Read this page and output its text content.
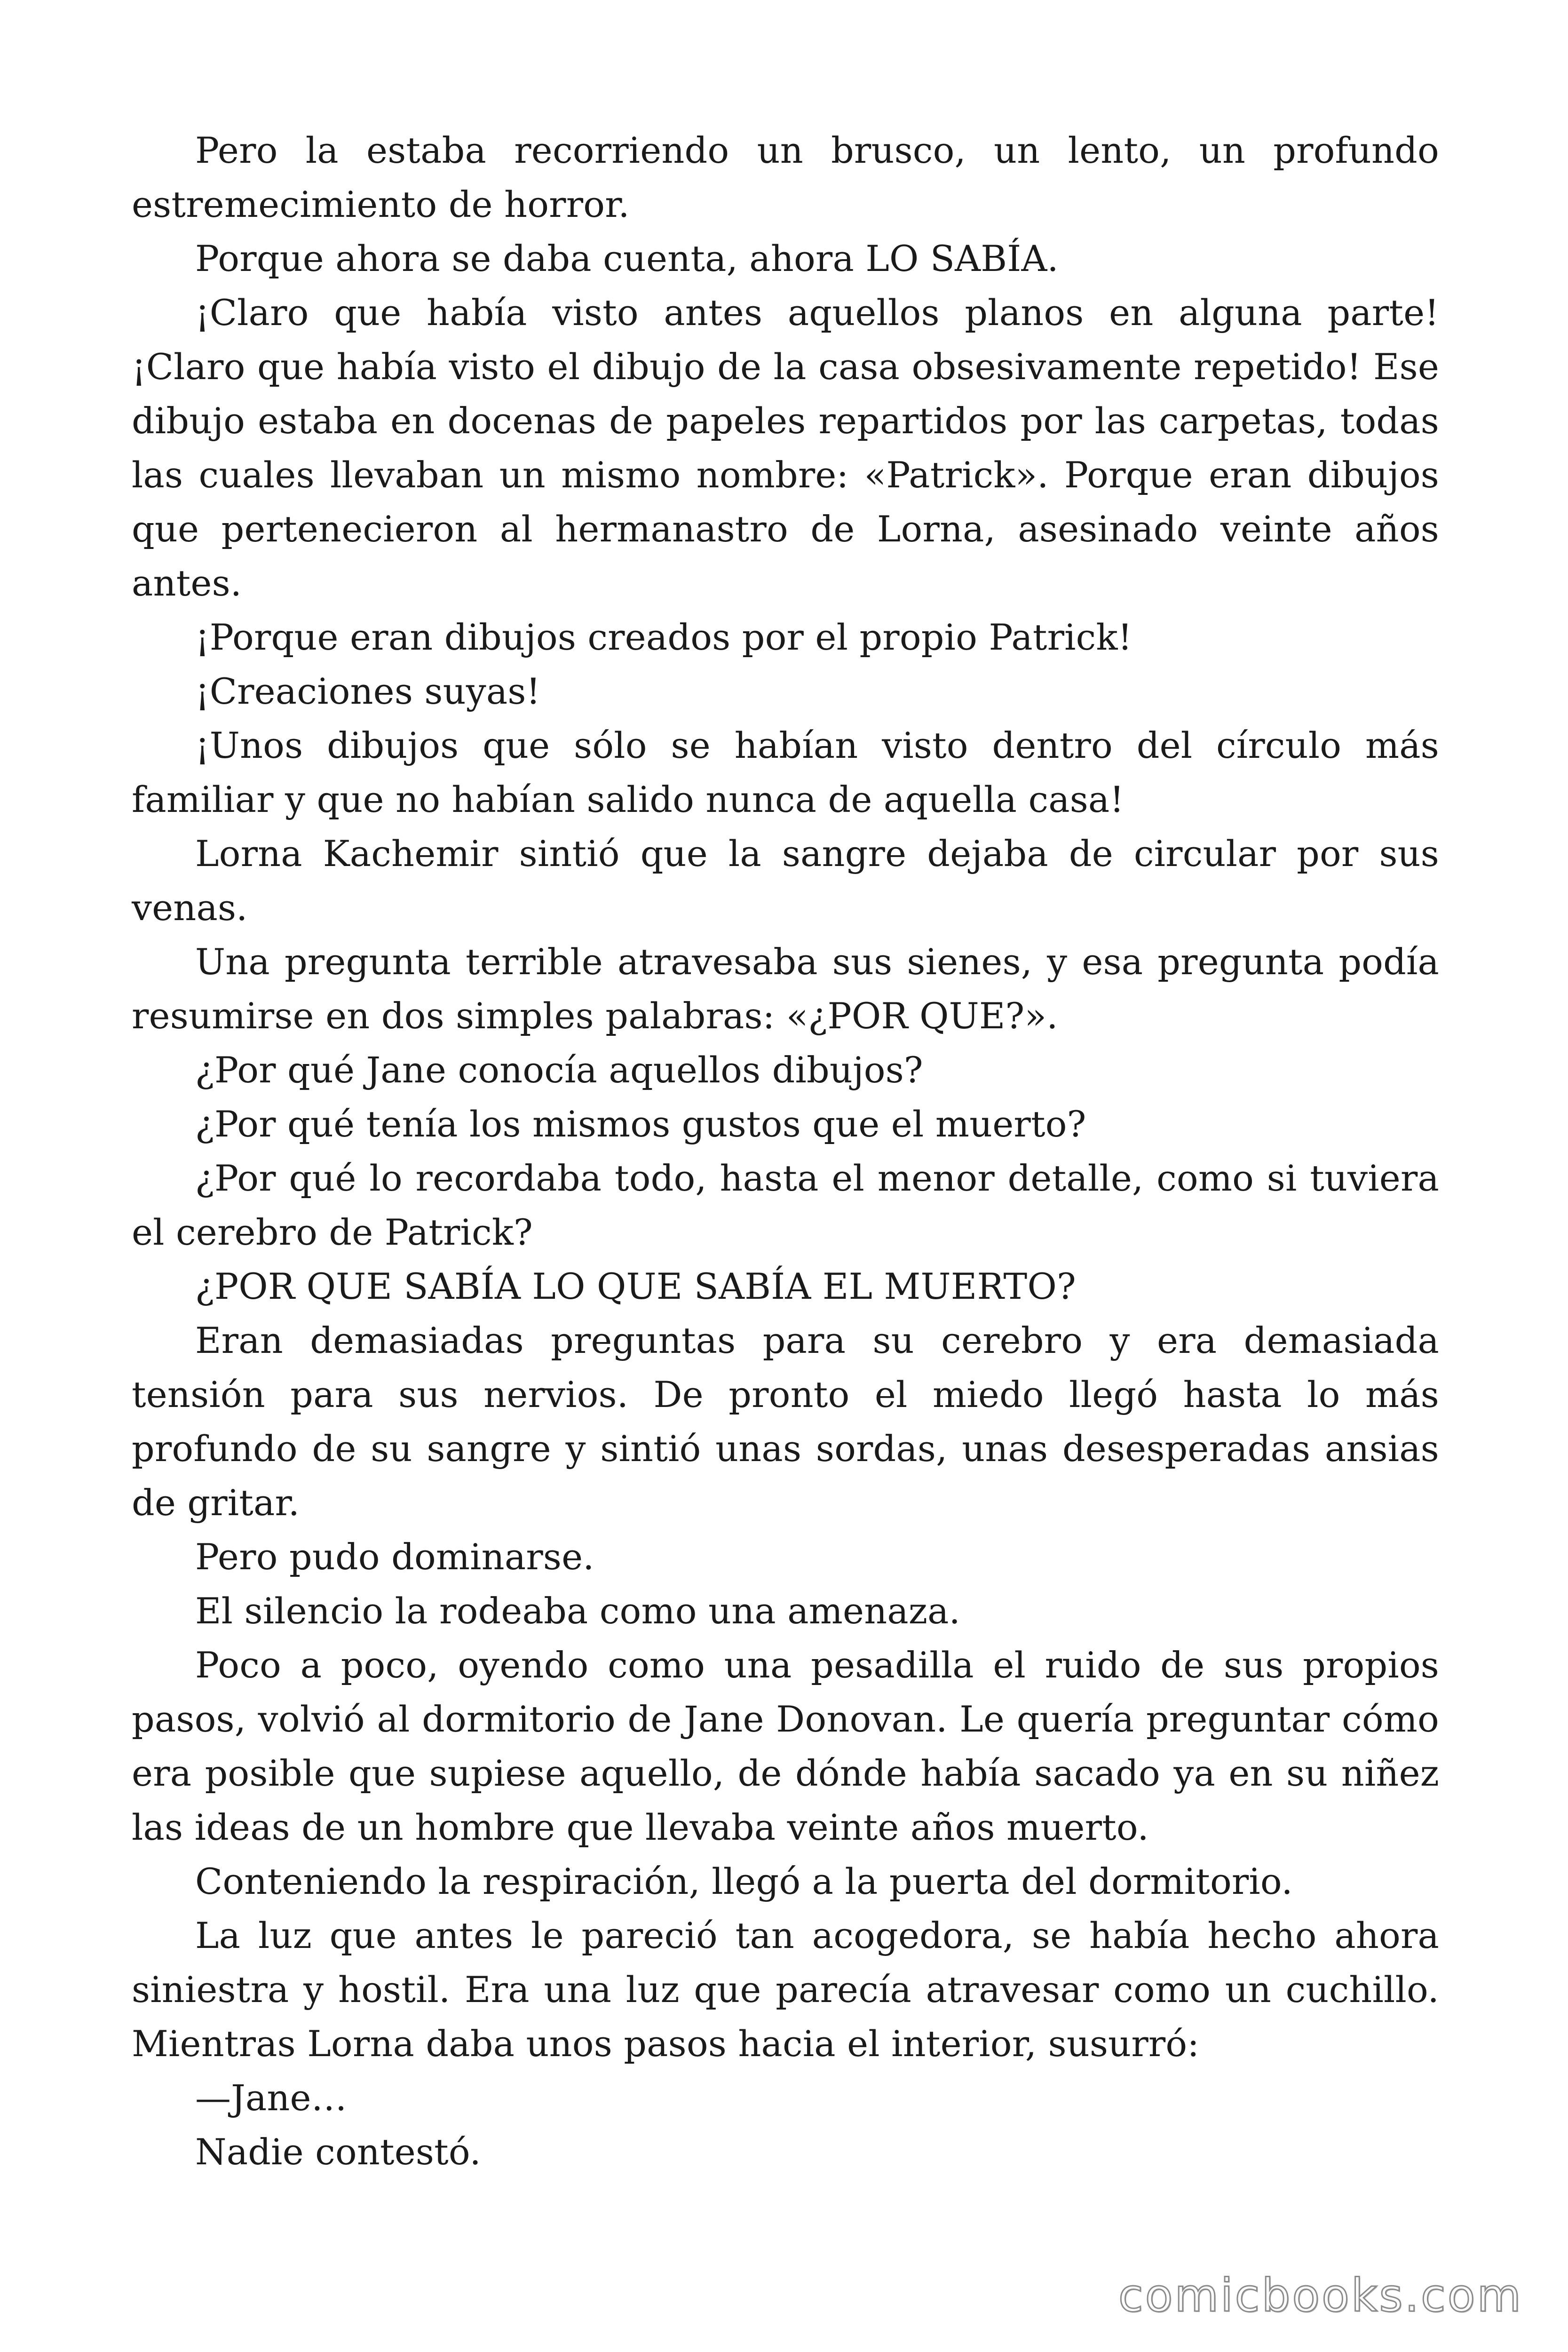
Pero la estaba recorriendo un brusco, un lento, un profundo estremecimiento de horror.

Porque ahora se daba cuenta, ahora LO SABÍA.

¡Claro que había visto antes aquellos planos en alguna parte! ¡Claro que había visto el dibujo de la casa obsesivamente repetido! Ese dibujo estaba en docenas de papeles repartidos por las carpetas, todas las cuales llevaban un mismo nombre: «Patrick». Porque eran dibujos que pertenecieron al hermanastro de Lorna, asesinado veinte años antes.

¡Porque eran dibujos creados por el propio Patrick!

¡Creaciones suyas!

¡Unos dibujos que sólo se habían visto dentro del círculo más familiar y que no habían salido nunca de aquella casa!

Lorna Kachemir sintió que la sangre dejaba de circular por sus venas.

Una pregunta terrible atravesaba sus sienes, y esa pregunta podía resumirse en dos simples palabras: «¿POR QUE?».

¿Por qué Jane conocía aquellos dibujos?

¿Por qué tenía los mismos gustos que el muerto?

¿Por qué lo recordaba todo, hasta el menor detalle, como si tuviera el cerebro de Patrick?

¿POR QUE SABÍA LO QUE SABÍA EL MUERTO?

Eran demasiadas preguntas para su cerebro y era demasiada tensión para sus nervios. De pronto el miedo llegó hasta lo más profundo de su sangre y sintió unas sordas, unas desesperadas ansias de gritar.

Pero pudo dominarse.

El silencio la rodeaba como una amenaza.

Poco a poco, oyendo como una pesadilla el ruido de sus propios pasos, volvió al dormitorio de Jane Donovan. Le quería preguntar cómo era posible que supiese aquello, de dónde había sacado ya en su niñez las ideas de un hombre que llevaba veinte años muerto.

Conteniendo la respiración, llegó a la puerta del dormitorio.

La luz que antes le pareció tan acogedora, se había hecho ahora siniestra y hostil. Era una luz que parecía atravesar como un cuchillo. Mientras Lorna daba unos pasos hacia el interior, susurró:

—Jane…

Nadie contestó.

comicbooks.com
